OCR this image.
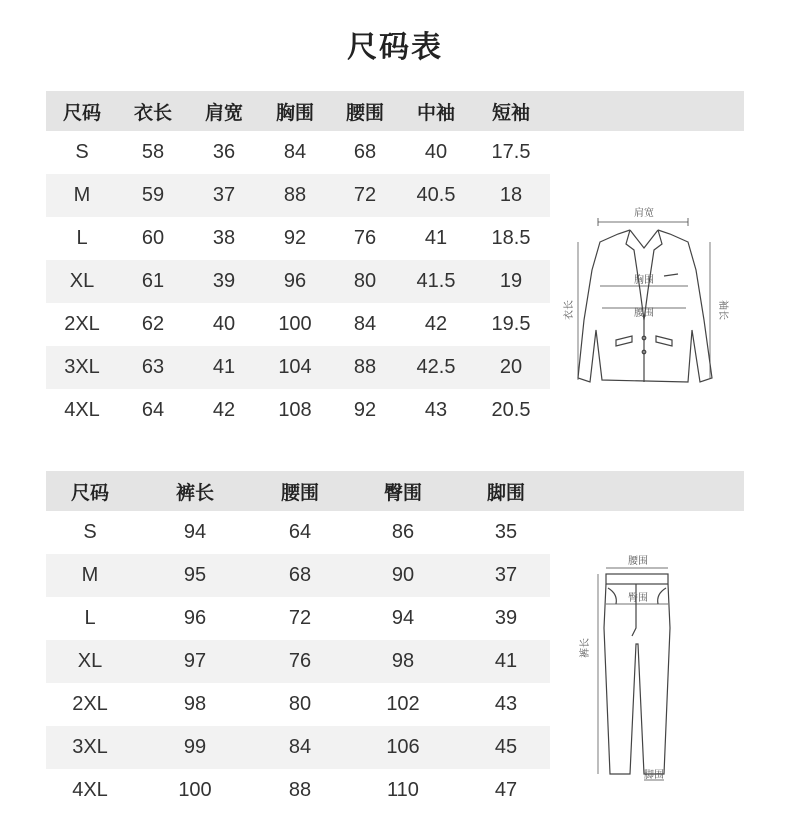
尺码表
尺码	衣长	肩宽	胸围	腰围	中袖	短袖
S	58	36	84	68	40	17.5
M	59	37	88	72	40.5	18
L	60	38	92	76	41	18.5
XL	61	39	96	80	41.5	19
2XL	62	40	100	84	42	19.5
3XL	63	41	104	88	42.5	20
4XL	64	42	108	92	43	20.5
肩宽
胸围
腰围
衣长	袖长
尺码	裤长	腰围	臀围	脚围
S	94	64	86	35
M	95	68	90	37
L	96	72	94	39
XL	97	76	98	41
2XL	98	80	102	43
3XL	99	84	106	45
4XL	100	88	110	47
腰围
臀围
裤长
脚围
